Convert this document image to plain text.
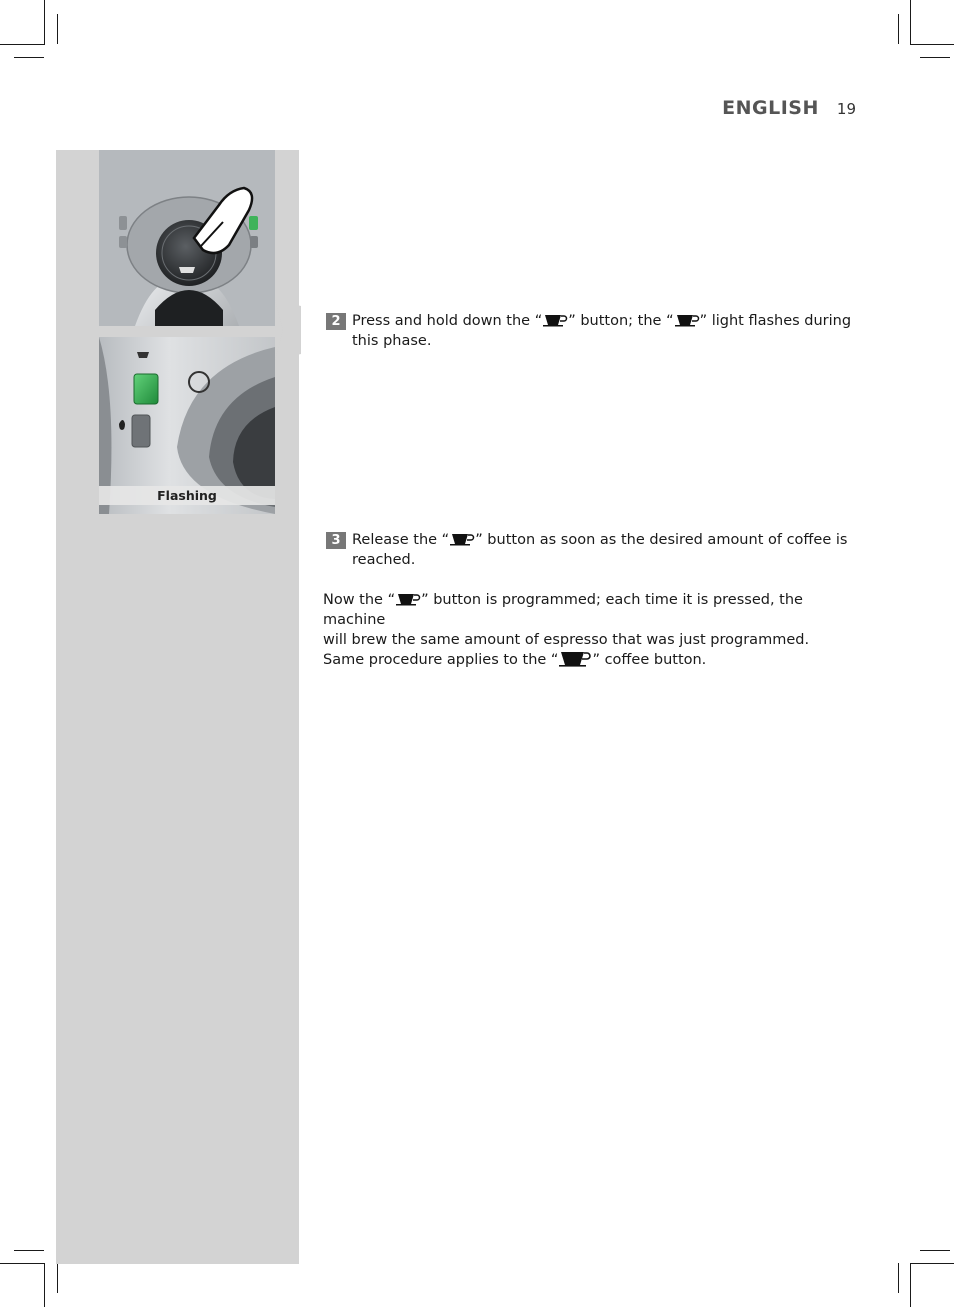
ENGLISH 19
Flashing
2 Press and hold down the “ ” button; the “ ” light flashes during
this phase.
3 Release the “ ” button as soon as the desired amount of coffee is
reached.
Now the “ ” button is programmed; each time it is pressed, the machine
will brew the same amount of espresso that was just programmed.
Same procedure applies to the “ ” coffee button.
